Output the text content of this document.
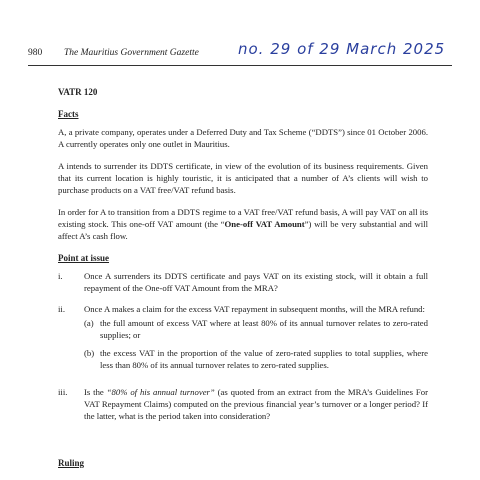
980 The Mauritius Government Gazette	no. 29 of 29 March 2025
VATR 120
Facts

A, a private company, operates under a Deferred Duty and Tax Scheme (“DDTS”) since 01 October 2006. A currently operates only one outlet in Mauritius.

A intends to surrender its DDTS certificate, in view of the evolution of its business requirements. Given that its current location is highly touristic, it is anticipated that a number of A’s clients will wish to purchase products on a VAT free/VAT refund basis.

In order for A to transition from a DDTS regime to a VAT free/VAT refund basis, A will pay VAT on all its existing stock. This one-off VAT amount (the “One-off VAT Amount”) will be very substantial and will affect A’s cash flow.

Point at issue
i.	Once A surrenders its DDTS certificate and pays VAT on its existing stock, will it obtain a full repayment of the One-off VAT Amount from the MRA?
ii.	Once A makes a claim for the excess VAT repayment in subsequent months, will the MRA refund:
(a) the full amount of excess VAT where at least 80% of its annual turnover relates to zero-rated supplies; or
(b) the excess VAT in the proportion of the value of zero-rated supplies to total supplies, where less than 80% of its annual turnover relates to zero-rated supplies.
iii.	Is the “80% of his annual turnover” (as quoted from an extract from the MRA’s Guidelines For VAT Repayment Claims) computed on the previous financial year’s turnover or a longer period? If the latter, what is the period taken into consideration?
Ruling
